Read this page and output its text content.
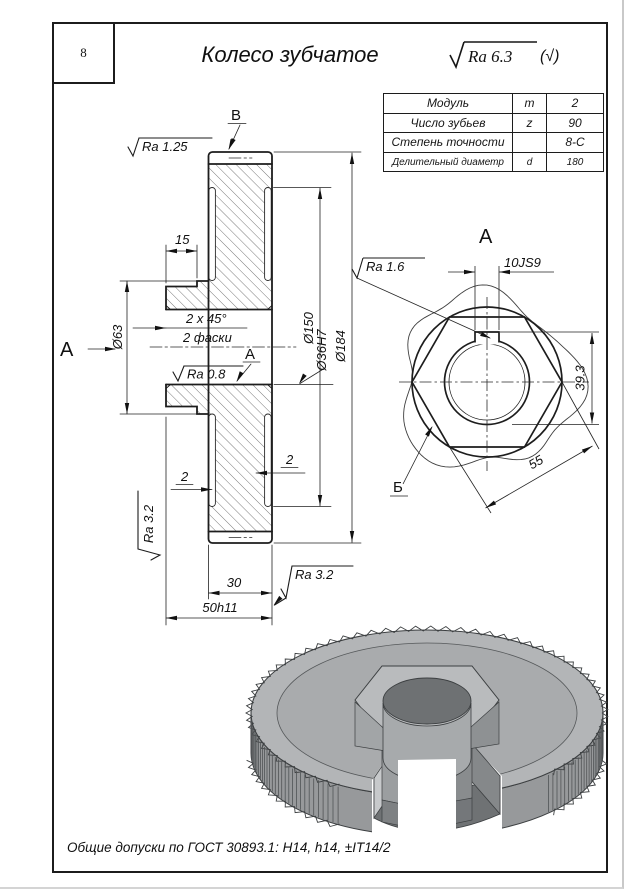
8	Колесо зубчатое	Ra 6.3 (√)
Модуль	m	2
Число зубьев	z	90
Степень точности		8-C
Делительный диаметр	d	180
Ra 1.25
Ra 0.8
Ra 3.2
Ra 3.2
В
А	А
15
Ø63
2 x 45°
2 фаски	Ø36H7
Ø150
Ø184
2
2
30
50h11
А
Ra 1.6	10JS9
39.3
55
Б
Общие допуски по ГОСТ 30893.1: H14, h14, ±IT14/2
